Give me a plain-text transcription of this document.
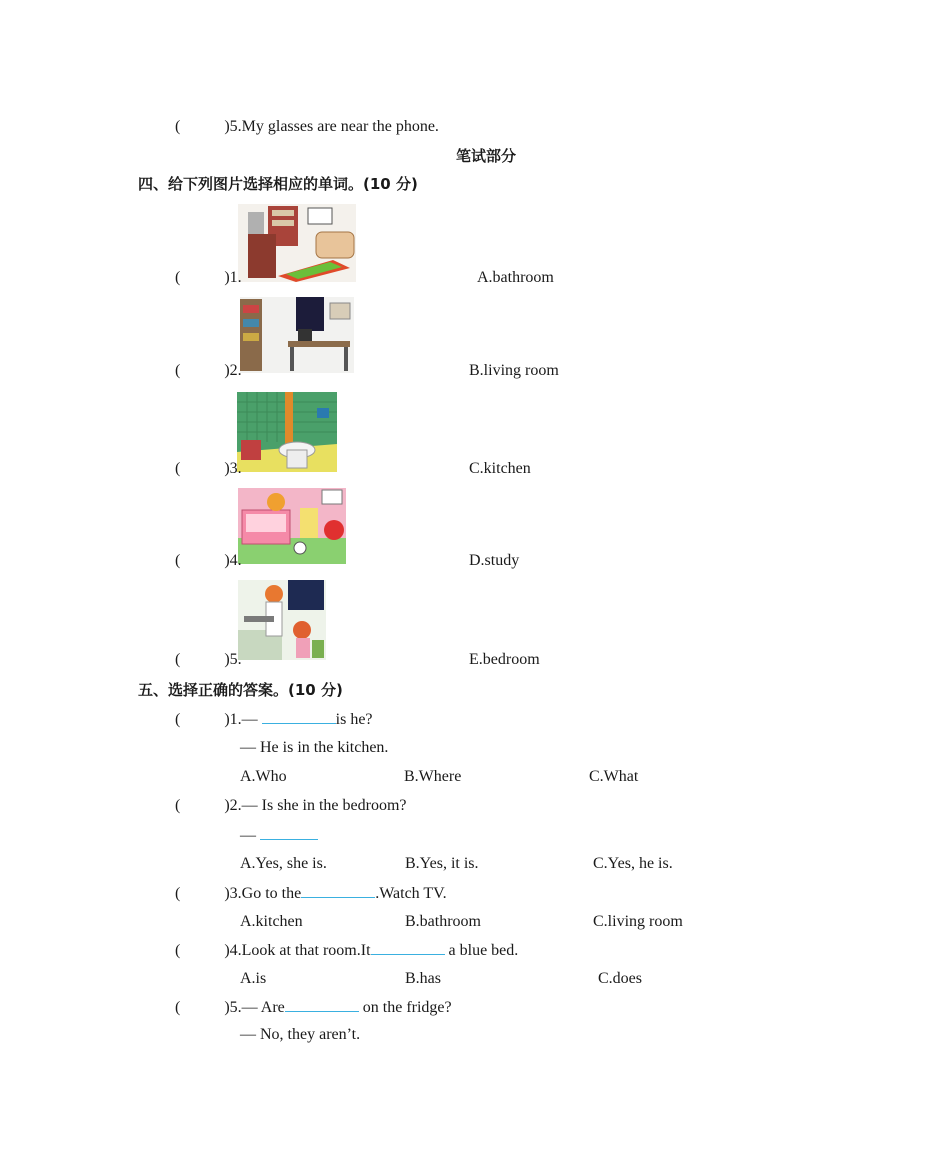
(	)5.My glasses are near the phone.
笔试部分
四、给下列图片选择相应的单词。(10 分)
(	)1.	A.bathroom
(	)2.	B.living room
(	)3.	C.kitchen
(	)4.	D.study
(	)5.	E.bedroom
五、选择正确的答案。(10 分)
(	)1.—	is he?
— He is in the kitchen.
A.Who	B.Where	C.What
(	)2.— Is she in the bedroom?
—
A.Yes, she is.	B.Yes, it is.	C.Yes, he is.
(	)3.Go to the	.Watch TV.
A.kitchen	B.bathroom	C.living room
(	)4.Look at that room.It	a blue bed.
A.is	B.has	C.does
(	)5.— Are	on the fridge?
— No, they aren’t.
